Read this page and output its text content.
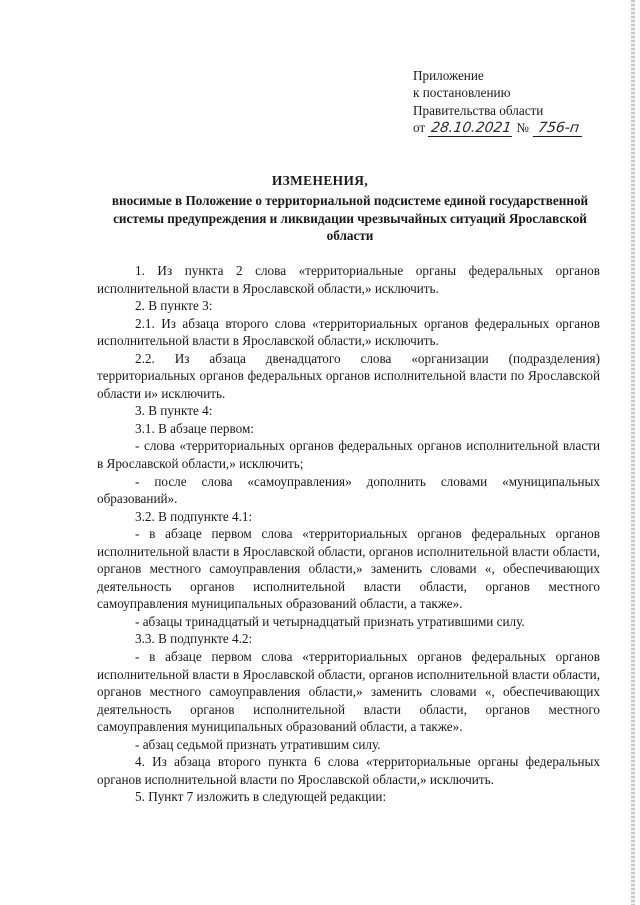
Приложение
к постановлению
Правительства области
от 28.10.2021 № 756-п
ИЗМЕНЕНИЯ,
вносимые в Положение о территориальной подсистеме единой государственной системы предупреждения и ликвидации чрезвычайных ситуаций Ярославской области

1. Из пункта 2 слова «территориальные органы федеральных органов исполнительной власти в Ярославской области,» исключить.

2. В пункте 3:

2.1. Из абзаца второго слова «территориальных органов федеральных органов исполнительной власти в Ярославской области,» исключить.

2.2. Из абзаца двенадцатого слова «организации (подразделения) территориальных органов федеральных органов исполнительной власти по Ярославской области и» исключить.

3. В пункте 4:

3.1. В абзаце первом:

- слова «территориальных органов федеральных органов исполнительной власти в Ярославской области,» исключить;

- после слова «самоуправления» дополнить словами «муниципальных образований».

3.2. В подпункте 4.1:

- в абзаце первом слова «территориальных органов федеральных органов исполнительной власти в Ярославской области, органов исполнительной власти области, органов местного самоуправления области,» заменить словами «, обеспечивающих деятельность органов исполнительной власти области, органов местного самоуправления муниципальных образований области, а также».

- абзацы тринадцатый и четырнадцатый признать утратившими силу.

3.3. В подпункте 4.2:

- в абзаце первом слова «территориальных органов федеральных органов исполнительной власти в Ярославской области, органов исполнительной власти области, органов местного самоуправления области,» заменить словами «, обеспечивающих деятельность органов исполнительной власти области, органов местного самоуправления муниципальных образований области, а также».

- абзац седьмой признать утратившим силу.

4. Из абзаца второго пункта 6 слова «территориальные органы федеральных органов исполнительной власти по Ярославской области,» исключить.

5. Пункт 7 изложить в следующей редакции:
